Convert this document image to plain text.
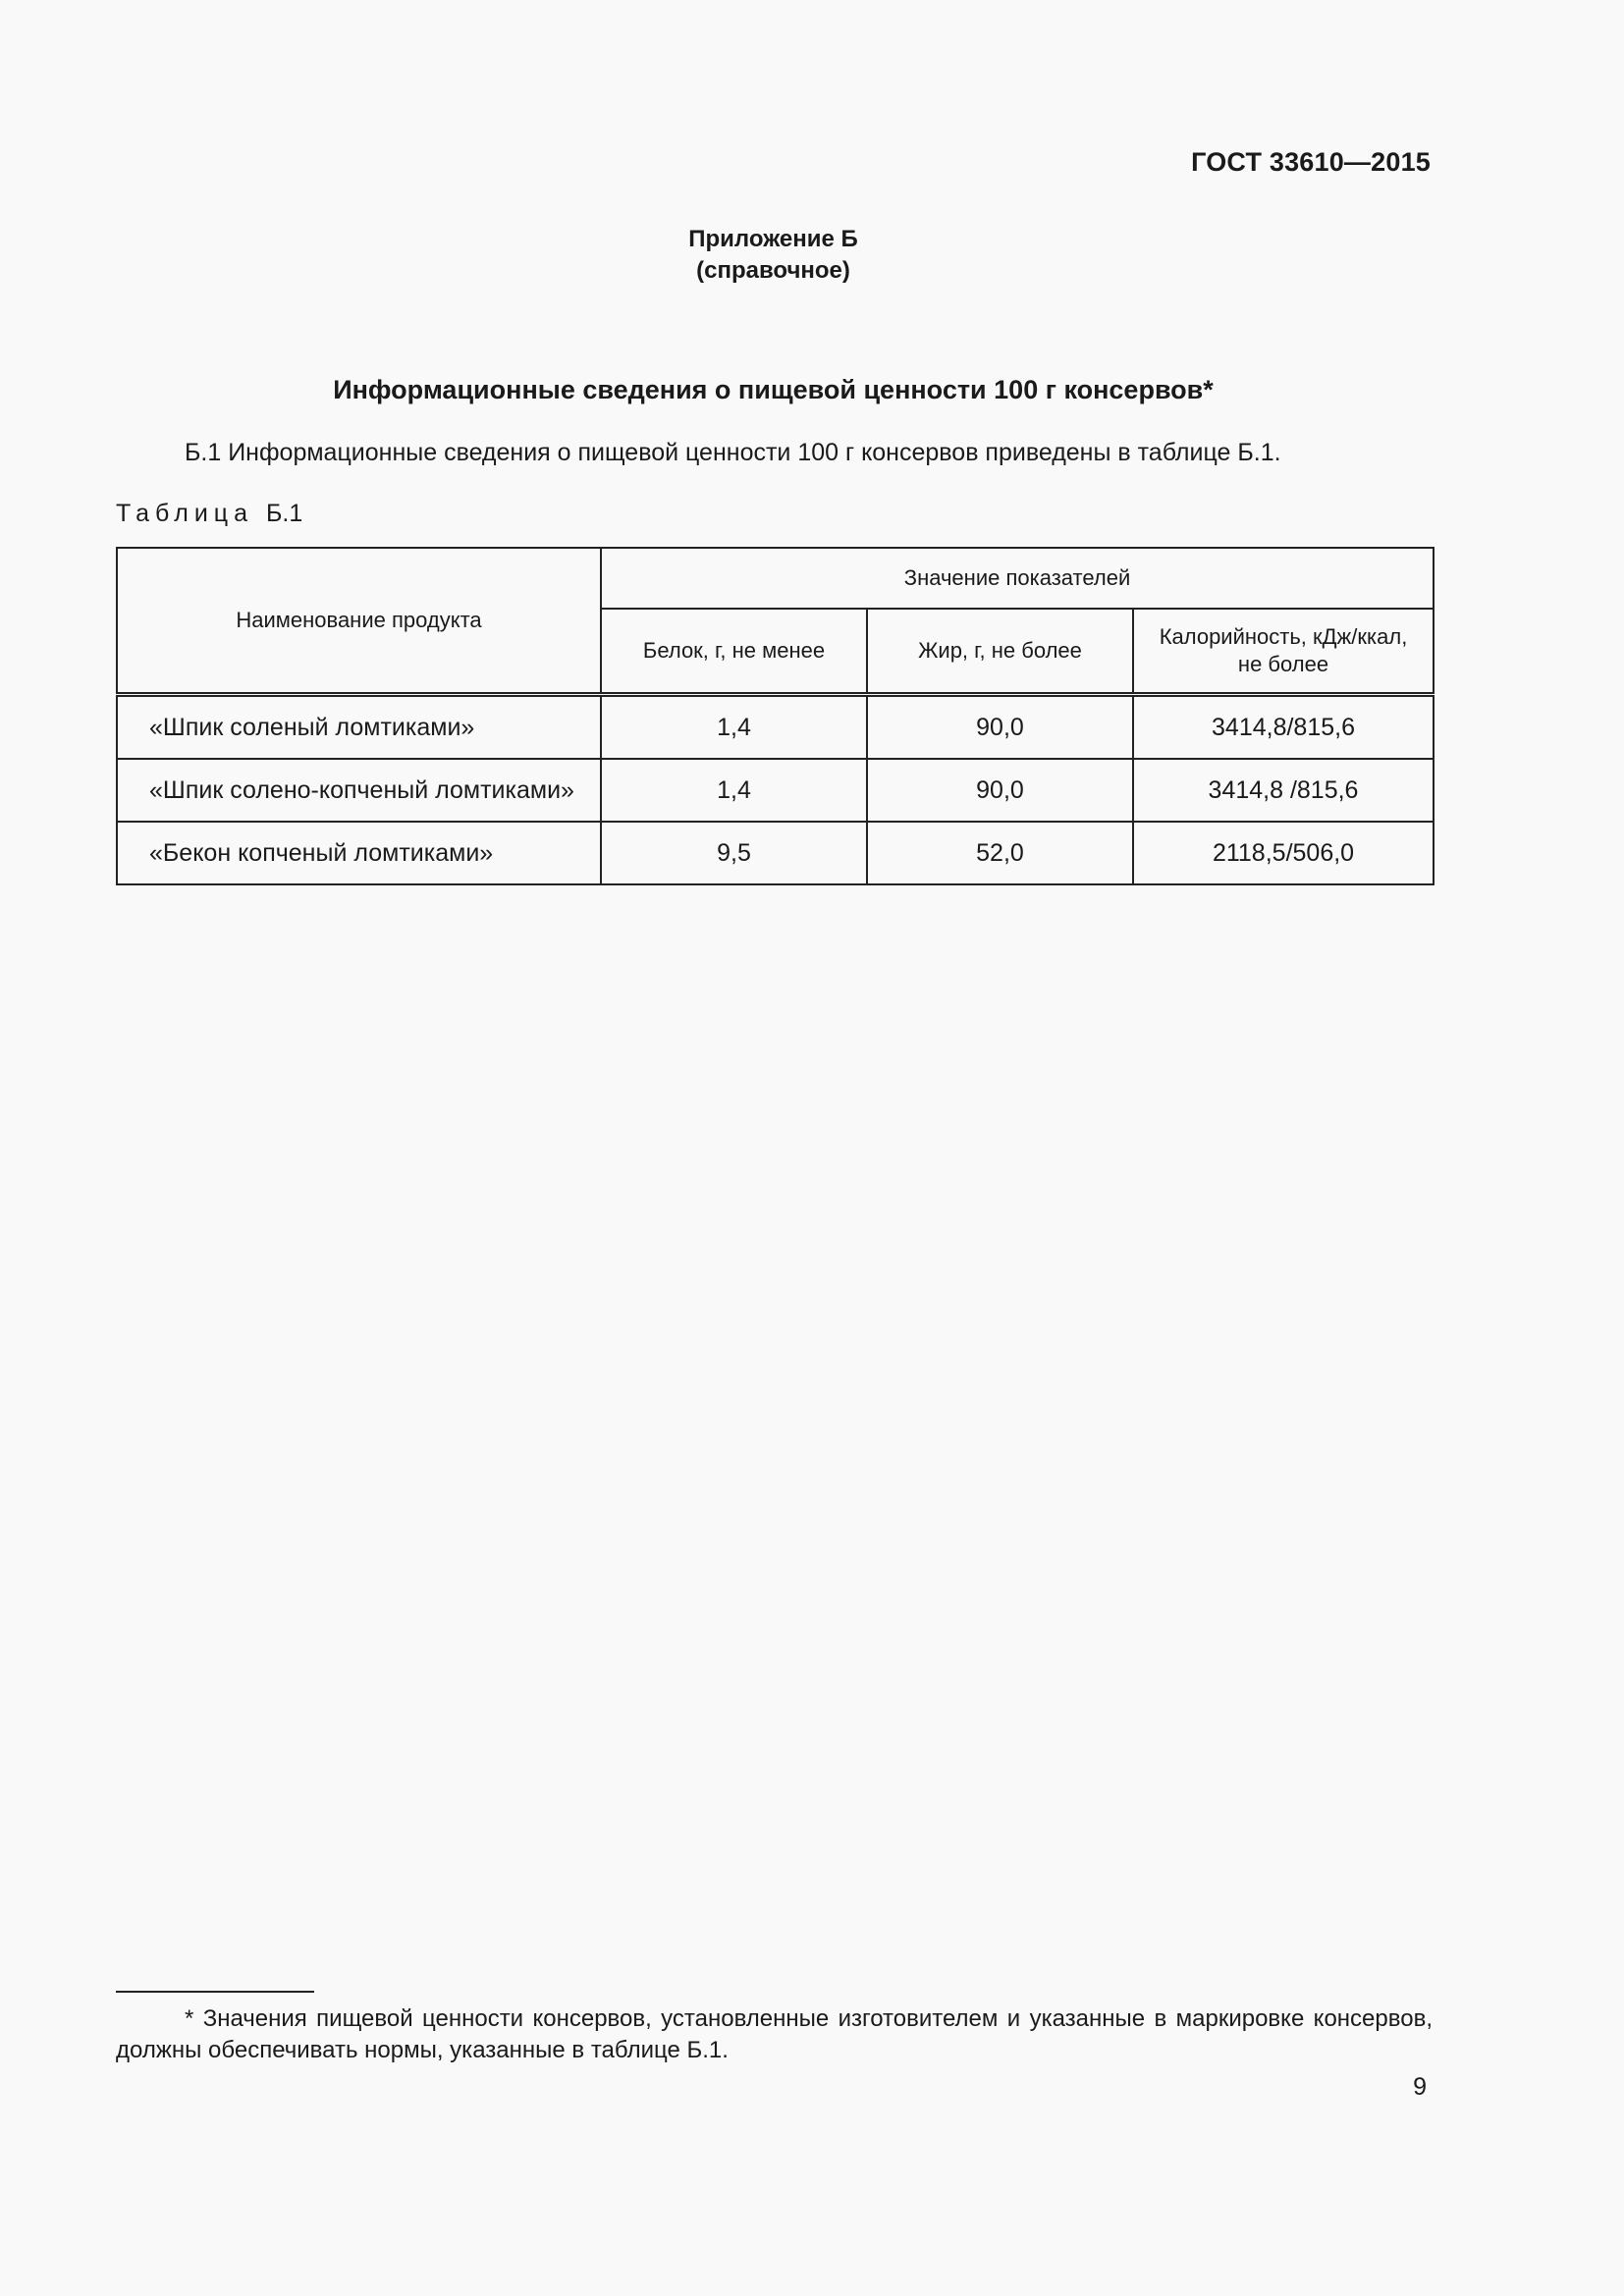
ГОСТ 33610—2015
Приложение Б
(справочное)
Информационные сведения о пищевой ценности 100 г консервов*
Б.1 Информационные сведения о пищевой ценности 100 г консервов приведены в таблице Б.1.
Таблица Б.1
Наименование продукта	Значение показателей		
	Белок, г, не менее	Жир, г, не более	Калорийность, кДж/ккал,
не более
«Шпик соленый ломтиками»	1,4	90,0	3414,8/815,6
«Шпик солено-копченый ломтиками»	1,4	90,0	3414,8 /815,6
«Бекон копченый ломтиками»	9,5	52,0	2118,5/506,0
* Значения пищевой ценности консервов, установленные изготовителем и указанные в маркировке консервов, должны обеспечивать нормы, указанные в таблице Б.1.
9
